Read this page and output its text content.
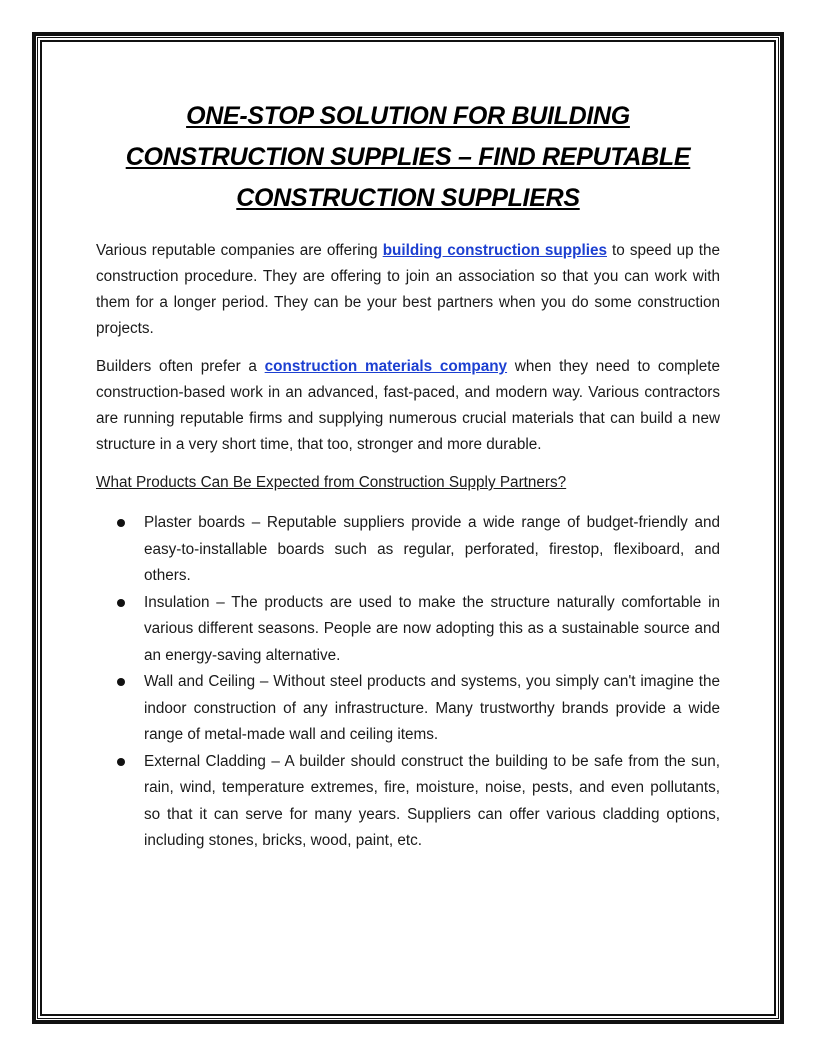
ONE-STOP SOLUTION FOR BUILDING
CONSTRUCTION SUPPLIES – FIND REPUTABLE
CONSTRUCTION SUPPLIERS

Various reputable companies are offering building construction supplies to speed up the construction procedure. They are offering to join an association so that you can work with them for a longer period. They can be your best partners when you do some construction projects.

Builders often prefer a construction materials company when they need to complete construction-based work in an advanced, fast-paced, and modern way. Various contractors are running reputable firms and supplying numerous crucial materials that can build a new structure in a very short time, that too, stronger and more durable.

What Products Can Be Expected from Construction Supply Partners?

Plaster boards – Reputable suppliers provide a wide range of budget-friendly and easy-to-installable boards such as regular, perforated, firestop, flexiboard, and others.
Insulation – The products are used to make the structure naturally comfortable in various different seasons. People are now adopting this as a sustainable source and an energy-saving alternative.
Wall and Ceiling – Without steel products and systems, you simply can't imagine the indoor construction of any infrastructure. Many trustworthy brands provide a wide range of metal-made wall and ceiling items.
External Cladding – A builder should construct the building to be safe from the sun, rain, wind, temperature extremes, fire, moisture, noise, pests, and even pollutants, so that it can serve for many years. Suppliers can offer various cladding options, including stones, bricks, wood, paint, etc.
